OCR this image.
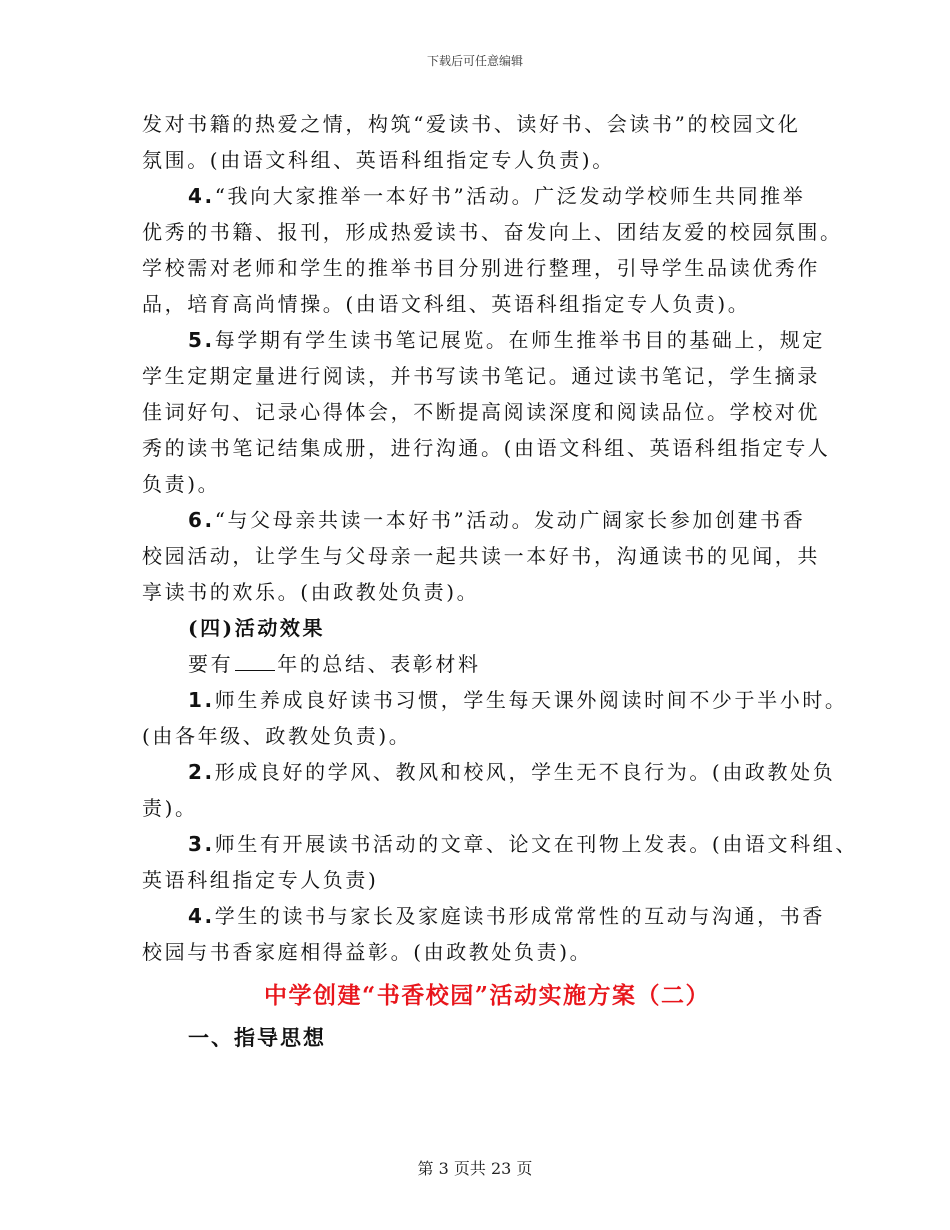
下载后可任意编辑
发对书籍的热爱之情，构筑“爱读书、读好书、会读书”的校园文化
氛围。(由语文科组、英语科组指定专人负责)。
4.“我向大家推举一本好书”活动。广泛发动学校师生共同推举
优秀的书籍、报刊，形成热爱读书、奋发向上、团结友爱的校园氛围。
学校需对老师和学生的推举书目分别进行整理，引导学生品读优秀作
品，培育高尚情操。(由语文科组、英语科组指定专人负责)。
5.每学期有学生读书笔记展览。在师生推举书目的基础上，规定
学生定期定量进行阅读，并书写读书笔记。通过读书笔记，学生摘录
佳词好句、记录心得体会，不断提高阅读深度和阅读品位。学校对优
秀的读书笔记结集成册，进行沟通。(由语文科组、英语科组指定专人
负责)。
6.“与父母亲共读一本好书”活动。发动广阔家长参加创建书香
校园活动，让学生与父母亲一起共读一本好书，沟通读书的见闻，共
享读书的欢乐。(由政教处负责)。
(四)活动效果
要有 年的总结、表彰材料
1.师生养成良好读书习惯，学生每天课外阅读时间不少于半小时。
(由各年级、政教处负责)。
2.形成良好的学风、教风和校风，学生无不良行为。(由政教处负
责)。
3.师生有开展读书活动的文章、论文在刊物上发表。(由语文科组、
英语科组指定专人负责)
4.学生的读书与家长及家庭读书形成常常性的互动与沟通，书香
校园与书香家庭相得益彰。(由政教处负责)。
中学创建“书香校园”活动实施方案（二）
一、指导思想
第 3 页共 23 页
